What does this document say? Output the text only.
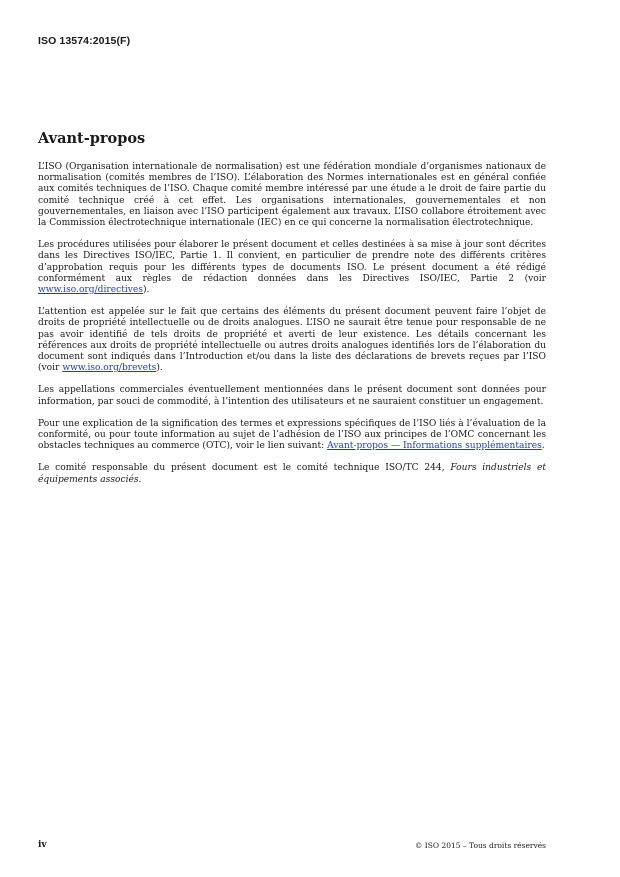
ISO 13574:2015(F)
Avant-propos

L’ISO (Organisation internationale de normalisation) est une fédération mondiale d’organismes nationaux de normalisation (comités membres de l’ISO). L’élaboration des Normes internationales est en général confiée aux comités techniques de l’ISO. Chaque comité membre intéressé par une étude a le droit de faire partie du comité technique créé à cet effet. Les organisations internationales, gouvernementales et non gouvernementales, en liaison avec l’ISO participent également aux travaux. L’ISO collabore étroitement avec la Commission électrotechnique internationale (IEC) en ce qui concerne la normalisation électrotechnique.

Les procédures utilisées pour élaborer le présent document et celles destinées à sa mise à jour sont décrites dans les Directives ISO/IEC, Partie 1. Il convient, en particulier de prendre note des différents critères d’approbation requis pour les différents types de documents ISO. Le présent document a été rédigé conformément aux règles de rédaction données dans les Directives ISO/IEC, Partie 2 (voir www.iso.org/directives).

L’attention est appelée sur le fait que certains des éléments du présent document peuvent faire l’objet de droits de propriété intellectuelle ou de droits analogues. L’ISO ne saurait être tenue pour responsable de ne pas avoir identifié de tels droits de propriété et averti de leur existence. Les détails concernant les références aux droits de propriété intellectuelle ou autres droits analogues identifiés lors de l’élaboration du document sont indiqués dans l’Introduction et/ou dans la liste des déclarations de brevets reçues par l’ISO (voir www.iso.org/brevets).

Les appellations commerciales éventuellement mentionnées dans le présent document sont données pour information, par souci de commodité, à l’intention des utilisateurs et ne sauraient constituer un engagement.

Pour une explication de la signification des termes et expressions spécifiques de l’ISO liés à l’évaluation de la conformité, ou pour toute information au sujet de l’adhésion de l’ISO aux principes de l’OMC concernant les obstacles techniques au commerce (OTC), voir le lien suivant: Avant-propos — Informations supplémentaires.

Le comité responsable du présent document est le comité technique ISO/TC 244, Fours industriels et équipements associés.

iv	© ISO 2015 – Tous droits réservés
